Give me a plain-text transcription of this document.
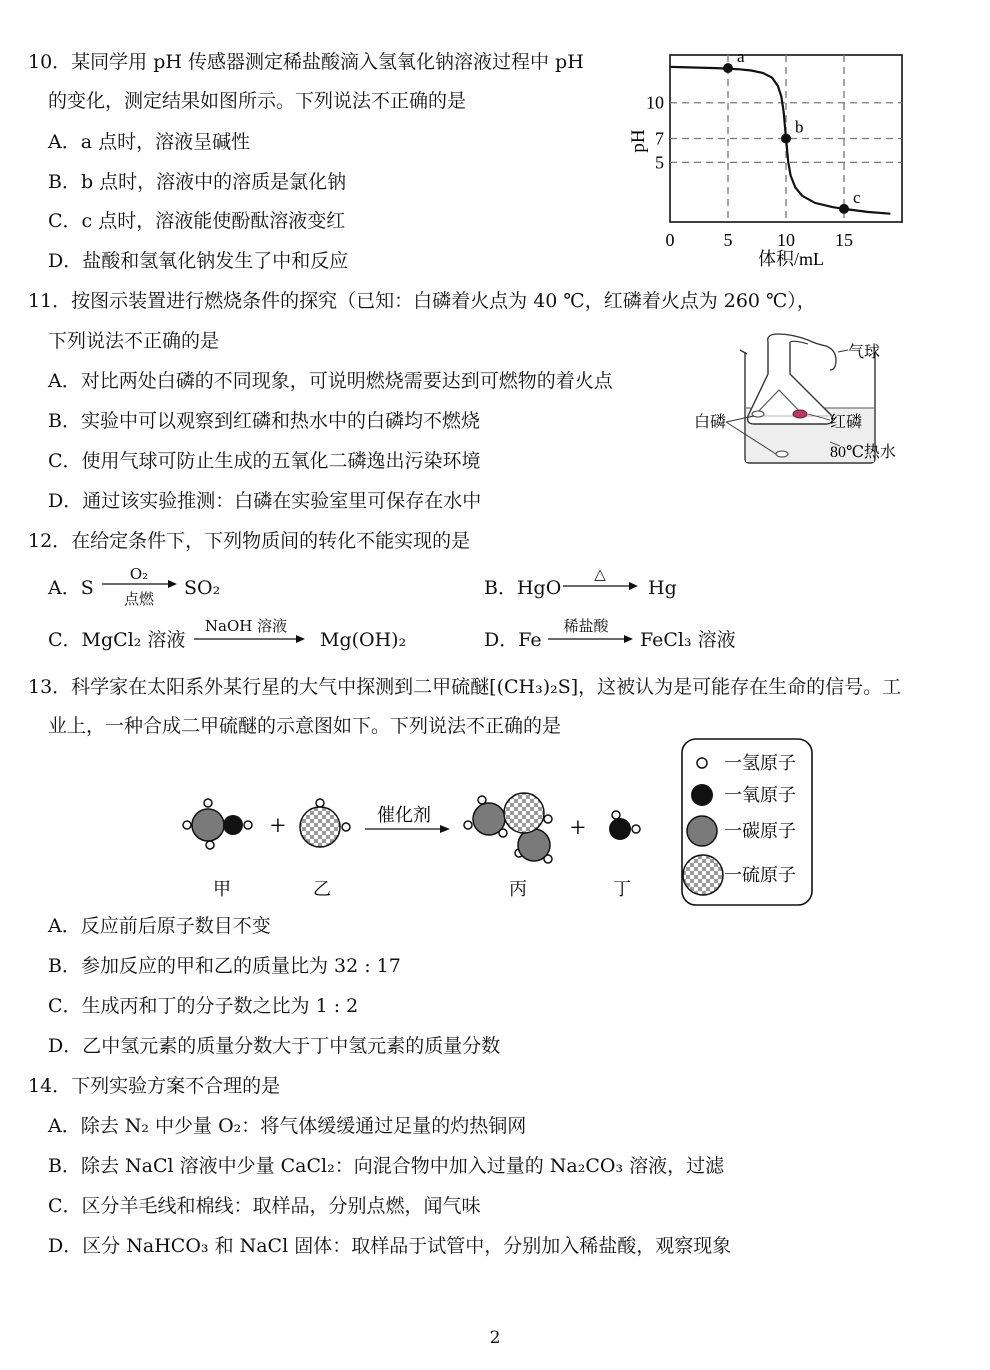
10．某同学用 pH 传感器测定稀盐酸滴入氢氧化钠溶液过程中 pH
的变化，测定结果如图所示。下列说法不正确的是
A．a 点时，溶液呈碱性
B．b 点时，溶液中的溶质是氯化钠
C．c 点时，溶液能使酚酞溶液变红
D．盐酸和氢氧化钠发生了中和反应
a
b
c
0	5 10 15
5
7
10
pH
体积/mL
11．按图示装置进行燃烧条件的探究（已知：白磷着火点为 40 ℃，红磷着火点为 260 ℃），
下列说法不正确的是
A．对比两处白磷的不同现象，可说明燃烧需要达到可燃物的着火点
B．实验中可以观察到红磷和热水中的白磷均不燃烧
C．使用气球可防止生成的五氧化二磷逸出污染环境
D．通过该实验推测：白磷在实验室里可保存在水中
气球
白磷	红磷
80℃热水
12．在给定条件下，下列物质间的转化不能实现的是
A．S
O₂
点燃	SO₂	B．HgO
△
Hg
C．MgCl₂ 溶液
NaOH 溶液
Mg(OH)₂	D．Fe
稀盐酸
FeCl₃ 溶液
13．科学家在太阳系外某行星的大气中探测到二甲硫醚[(CH₃)₂S]，这被认为是可能存在生命的信号。工
业上，一种合成二甲硫醚的示意图如下。下列说法不正确的是
+	催化剂	+
甲	乙	丙	丁
一氢原子
一氧原子
一碳原子
一硫原子
A．反应前后原子数目不变
B．参加反应的甲和乙的质量比为 32 : 17
C．生成丙和丁的分子数之比为 1 : 2
D．乙中氢元素的质量分数大于丁中氢元素的质量分数
14．下列实验方案不合理的是
A．除去 N₂ 中少量 O₂：将气体缓缓通过足量的灼热铜网
B．除去 NaCl 溶液中少量 CaCl₂：向混合物中加入过量的 Na₂CO₃ 溶液，过滤
C．区分羊毛线和棉线：取样品，分别点燃，闻气味
D．区分 NaHCO₃ 和 NaCl 固体：取样品于试管中，分别加入稀盐酸，观察现象
2
